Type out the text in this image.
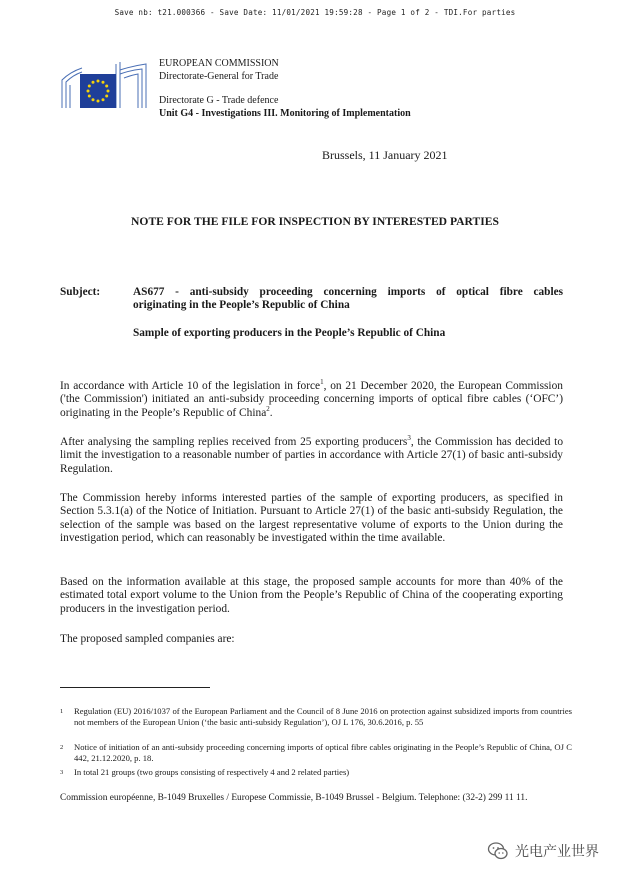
Save nb: t21.000366 - Save Date: 11/01/2021 19:59:28 - Page 1 of 2 - TDI.For parties
EUROPEAN COMMISSION
Directorate-General for Trade
Directorate G - Trade defence
Unit G4 - Investigations III. Monitoring of Implementation
Brussels, 11 January 2021
NOTE FOR THE FILE FOR INSPECTION BY INTERESTED PARTIES
Subject:	AS677 - anti-subsidy proceeding concerning imports of optical fibre cables
originating in the People’s Republic of China
Sample of exporting producers in the People’s Republic of China

In accordance with Article 10 of the legislation in force$^1$, on 21 December 2020, the European Commission ('the Commission') initiated an anti-subsidy proceeding concerning imports of optical fibre cables (‘OFC’) originating in the People’s Republic of China$^2$.

After analysing the sampling replies received from 25 exporting producers$^3$, the Commission has decided to limit the investigation to a reasonable number of parties in accordance with Article 27(1) of basic anti-subsidy Regulation.

The Commission hereby informs interested parties of the sample of exporting producers, as specified in Section 5.3.1(a) of the Notice of Initiation. Pursuant to Article 27(1) of the basic anti-subsidy Regulation, the selection of the sample was based on the largest representative volume of exports to the Union during the investigation period, which can reasonably be investigated within the time available.

Based on the information available at this stage, the proposed sample accounts for more than 40% of the estimated total export volume to the Union from the People’s Republic of China of the cooperating exporting producers in the investigation period.

The proposed sampled companies are:

1 Regulation (EU) 2016/1037 of the European Parliament and the Council of 8 June 2016 on protection against subsidized imports from countries not members of the European Union (‘the basic anti-subsidy Regulation’), OJ L 176, 30.6.2016, p. 55
2 Notice of initiation of an anti-subsidy proceeding concerning imports of optical fibre cables originating in the People’s Republic of China, OJ C 442, 21.12.2020, p. 18.
3 In total 21 groups (two groups consisting of respectively 4 and 2 related parties)
Commission européenne, B-1049 Bruxelles / Europese Commissie, B-1049 Brussel - Belgium. Telephone: (32-2) 299 11 11.
光电产业世界
